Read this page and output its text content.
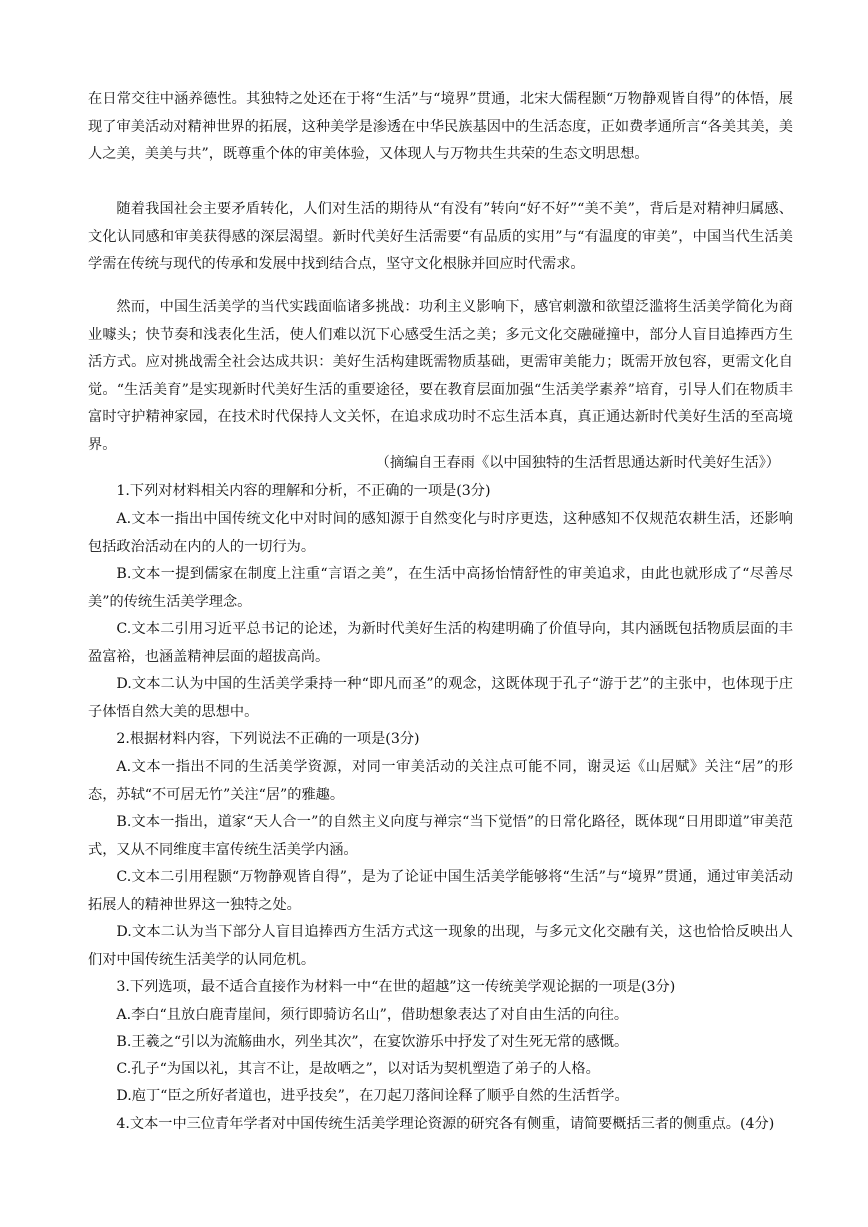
在日常交往中涵养德性。其独特之处还在于将“生活”与“境界”贯通，北宋大儒程颢“万物静观皆自得”的体悟，展现了审美活动对精神世界的拓展，这种美学是渗透在中华民族基因中的生活态度，正如费孝通所言“各美其美，美人之美，美美与共”，既尊重个体的审美体验，又体现人与万物共生共荣的生态文明思想。

随着我国社会主要矛盾转化，人们对生活的期待从“有没有”转向“好不好”“美不美”，背后是对精神归属感、文化认同感和审美获得感的深层渴望。新时代美好生活需要“有品质的实用”与“有温度的审美”，中国当代生活美学需在传统与现代的传承和发展中找到结合点，坚守文化根脉并回应时代需求。

然而，中国生活美学的当代实践面临诸多挑战：功利主义影响下，感官刺激和欲望泛滥将生活美学简化为商业噱头；快节奏和浅表化生活，使人们难以沉下心感受生活之美；多元文化交融碰撞中，部分人盲目追捧西方生活方式。应对挑战需全社会达成共识：美好生活构建既需物质基础，更需审美能力；既需开放包容，更需文化自觉。“生活美育”是实现新时代美好生活的重要途径，要在教育层面加强“生活美学素养”培育，引导人们在物质丰富时守护精神家园，在技术时代保持人文关怀，在追求成功时不忘生活本真，真正通达新时代美好生活的至高境界。

（摘编自王春雨《以中国独特的生活哲思通达新时代美好生活》）

1.下列对材料相关内容的理解和分析，不正确的一项是(3分)

A.文本一指出中国传统文化中对时间的感知源于自然变化与时序更迭，这种感知不仅规范农耕生活，还影响包括政治活动在内的人的一切行为。

B.文本一提到儒家在制度上注重“言语之美”，在生活中高扬怡情舒性的审美追求，由此也就形成了“尽善尽美”的传统生活美学理念。

C.文本二引用习近平总书记的论述，为新时代美好生活的构建明确了价值导向，其内涵既包括物质层面的丰盈富裕，也涵盖精神层面的超拔高尚。

D.文本二认为中国的生活美学秉持一种“即凡而圣”的观念，这既体现于孔子“游于艺”的主张中，也体现于庄子体悟自然大美的思想中。

2.根据材料内容，下列说法不正确的一项是(3分)

A.文本一指出不同的生活美学资源，对同一审美活动的关注点可能不同，谢灵运《山居赋》关注“居”的形态，苏轼“不可居无竹”关注“居”的雅趣。

B.文本一指出，道家“天人合一”的自然主义向度与禅宗“当下觉悟”的日常化路径，既体现“日用即道”审美范式，又从不同维度丰富传统生活美学内涵。

C.文本二引用程颢“万物静观皆自得”，是为了论证中国生活美学能够将“生活”与“境界”贯通，通过审美活动拓展人的精神世界这一独特之处。

D.文本二认为当下部分人盲目追捧西方生活方式这一现象的出现，与多元文化交融有关，这也恰恰反映出人们对中国传统生活美学的认同危机。

3.下列选项，最不适合直接作为材料一中“在世的超越”这一传统美学观论据的一项是(3分)

A.李白“且放白鹿青崖间，须行即骑访名山”，借助想象表达了对自由生活的向往。

B.王羲之“引以为流觞曲水，列坐其次”，在宴饮游乐中抒发了对生死无常的感慨。

C.孔子“为国以礼，其言不让，是故哂之”，以对话为契机塑造了弟子的人格。

D.庖丁“臣之所好者道也，进乎技矣”，在刀起刀落间诠释了顺乎自然的生活哲学。

4.文本一中三位青年学者对中国传统生活美学理论资源的研究各有侧重，请简要概括三者的侧重点。(4分)
